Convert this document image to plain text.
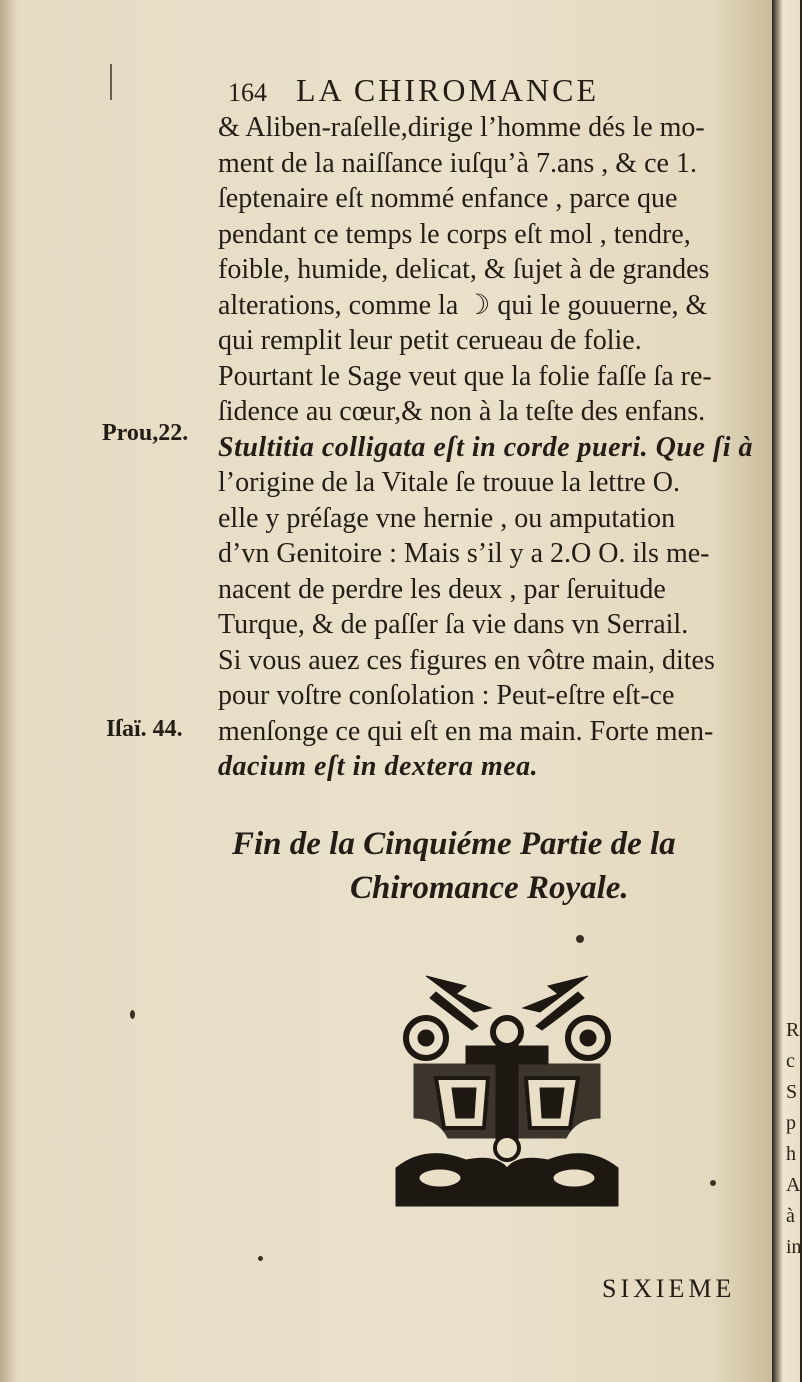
164 LA CHIROMANCE
& Aliben-raſelle,dirige l’homme dés le mo-
ment de la naiſſance iuſqu’à 7.ans , & ce 1.
ſeptenaire eſt nommé enfance , parce que
pendant ce temps le corps eſt mol , tendre,
foible, humide, delicat, & ſujet à de grandes
alterations, comme la ☽ qui le gouuerne, &
qui remplit leur petit cerueau de folie.
Pourtant le Sage veut que la folie faſſe ſa re-
ſidence au cœur,& non à la teſte des enfans.
Stultitia colligata eſt in corde pueri. Que ſi à
l’origine de la Vitale ſe trouue la lettre O.
elle y préſage vne hernie , ou amputation
d’vn Genitoire : Mais s’il y a 2.O O. ils me-
nacent de perdre les deux , par ſeruitude
Turque, & de paſſer ſa vie dans vn Serrail.
Si vous auez ces figures en vôtre main, dites
pour voſtre conſolation : Peut-eſtre eſt-ce
menſonge ce qui eſt en ma main. Forte men-
dacium eſt in dextera mea.
Prou,22.
Iſaï. 44.
Fin de la Cinquiéme Partie de la
Chiromance Royale.
SIXIEME
R
c
S
p
h
A
à
in
